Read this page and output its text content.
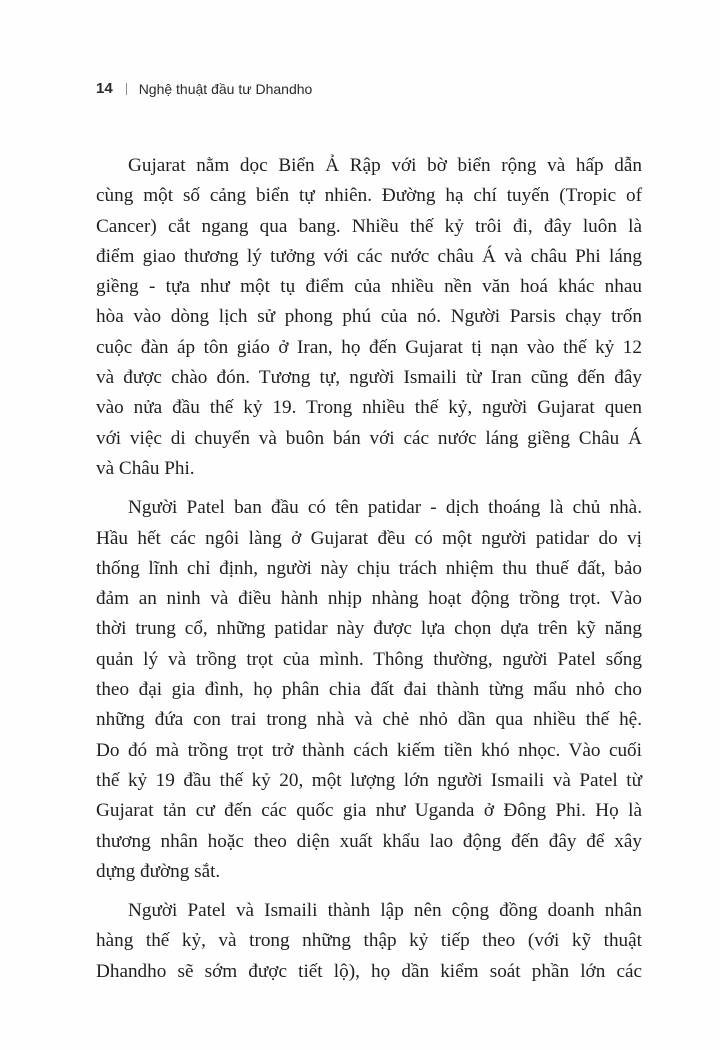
14 Nghệ thuật đầu tư Dhandho

Gujarat nằm dọc Biển Ả Rập với bờ biển rộng và hấp dẫn
cùng một số cảng biển tự nhiên. Đường hạ chí tuyến (Tropic of
Cancer) cắt ngang qua bang. Nhiều thế kỷ trôi đi, đây luôn là
điểm giao thương lý tưởng với các nước châu Á và châu Phi láng
giềng - tựa như một tụ điểm của nhiều nền văn hoá khác nhau
hòa vào dòng lịch sử phong phú của nó. Người Parsis chạy trốn
cuộc đàn áp tôn giáo ở Iran, họ đến Gujarat tị nạn vào thế kỷ 12
và được chào đón. Tương tự, người Ismaili từ Iran cũng đến đây
vào nửa đầu thế kỷ 19. Trong nhiều thế kỷ, người Gujarat quen
với việc di chuyển và buôn bán với các nước láng giềng Châu Á
và Châu Phi.

Người Patel ban đầu có tên patidar - dịch thoáng là chủ nhà.
Hầu hết các ngôi làng ở Gujarat đều có một người patidar do vị
thống lĩnh chỉ định, người này chịu trách nhiệm thu thuế đất, bảo
đảm an ninh và điều hành nhịp nhàng hoạt động trồng trọt. Vào
thời trung cổ, những patidar này được lựa chọn dựa trên kỹ năng
quản lý và trồng trọt của mình. Thông thường, người Patel sống
theo đại gia đình, họ phân chia đất đai thành từng mẩu nhỏ cho
những đứa con trai trong nhà và chẻ nhỏ dần qua nhiều thế hệ.
Do đó mà trồng trọt trở thành cách kiếm tiền khó nhọc. Vào cuối
thế kỷ 19 đầu thế kỷ 20, một lượng lớn người Ismaili và Patel từ
Gujarat tản cư đến các quốc gia như Uganda ở Đông Phi. Họ là
thương nhân hoặc theo diện xuất khẩu lao động đến đây để xây
dựng đường sắt.

Người Patel và Ismaili thành lập nên cộng đồng doanh nhân
hàng thế kỷ, và trong những thập kỷ tiếp theo (với kỹ thuật
Dhandho sẽ sớm được tiết lộ), họ dần kiểm soát phần lớn các
